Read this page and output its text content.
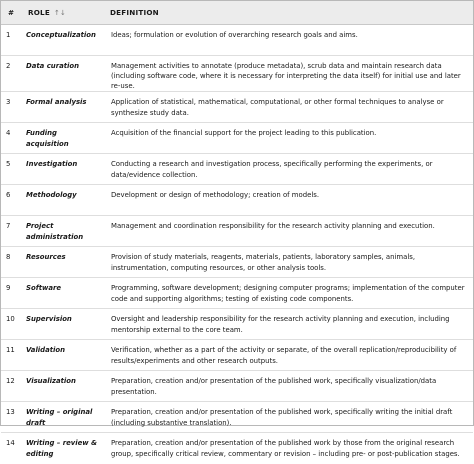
#	ROLE ↑↓	DEFINITION
1	Conceptualization	Ideas; formulation or evolution of overarching research goals and aims.
2	Data curation	Management activities to annotate (produce metadata), scrub data and maintain research data (including software code, where it is necessary for interpreting the data itself) for initial use and later re-use.
3	Formal analysis	Application of statistical, mathematical, computational, or other formal techniques to analyse or synthesize study data.
4	Funding acquisition	Acquisition of the financial support for the project leading to this publication.
5	Investigation	Conducting a research and investigation process, specifically performing the experiments, or data/evidence collection.
6	Methodology	Development or design of methodology; creation of models.
7	Project administration	Management and coordination responsibility for the research activity planning and execution.
8	Resources	Provision of study materials, reagents, materials, patients, laboratory samples, animals, instrumentation, computing resources, or other analysis tools.
9	Software	Programming, software development; designing computer programs; implementation of the computer code and supporting algorithms; testing of existing code components.
10	Supervision	Oversight and leadership responsibility for the research activity planning and execution, including mentorship external to the core team.
11	Validation	Verification, whether as a part of the activity or separate, of the overall replication/reproducibility of results/experiments and other research outputs.
12	Visualization	Preparation, creation and/or presentation of the published work, specifically visualization/data presentation.
13	Writing – original draft	Preparation, creation and/or presentation of the published work, specifically writing the initial draft (including substantive translation).
14	Writing – review & editing	Preparation, creation and/or presentation of the published work by those from the original research group, specifically critical review, commentary or revision – including pre- or post-publication stages.
